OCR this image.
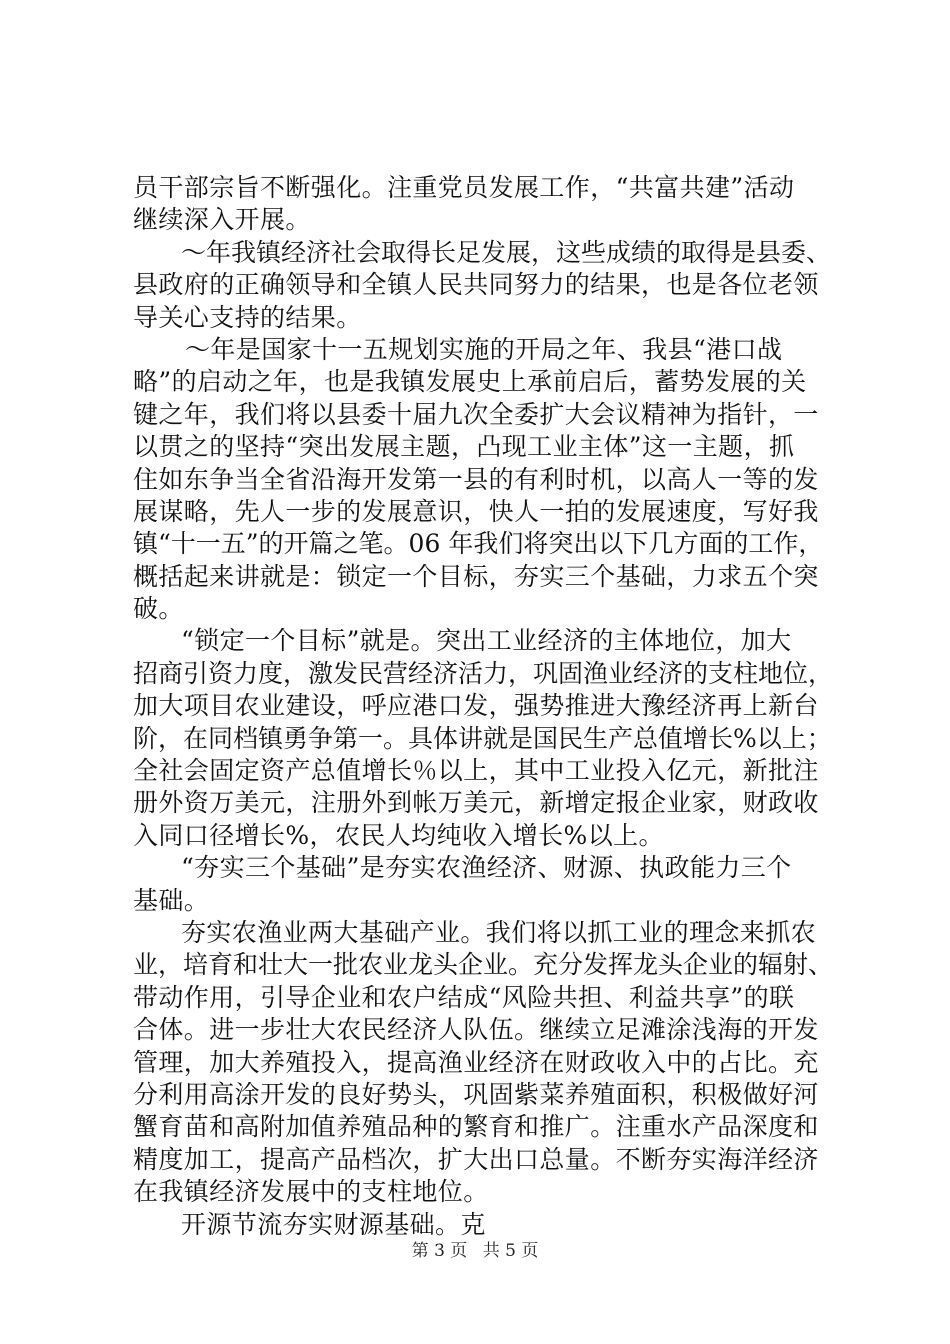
员干部宗旨不断强化。注重党员发展工作，“共富共建”活动
继续深入开展。
～年我镇经济社会取得长足发展，这些成绩的取得是县委、
县政府的正确领导和全镇人民共同努力的结果，也是各位老领
导关心支持的结果。
～年是国家十一五规划实施的开局之年、我县“港口战
略”的启动之年，也是我镇发展史上承前启后，蓄势发展的关
键之年，我们将以县委十届九次全委扩大会议精神为指针，一
以贯之的坚持“突出发展主题，凸现工业主体”这一主题，抓
住如东争当全省沿海开发第一县的有利时机，以高人一等的发
展谋略，先人一步的发展意识，快人一拍的发展速度，写好我
镇“十一五”的开篇之笔。06 年我们将突出以下几方面的工作，
概括起来讲就是：锁定一个目标，夯实三个基础，力求五个突
破。
“锁定一个目标”就是。突出工业经济的主体地位，加大
招商引资力度，激发民营经济活力，巩固渔业经济的支柱地位，
加大项目农业建设，呼应港口发，强势推进大豫经济再上新台
阶，在同档镇勇争第一。具体讲就是国民生产总值增长%以上；
全社会固定资产总值增长％以上，其中工业投入亿元，新批注
册外资万美元，注册外到帐万美元，新增定报企业家，财政收
入同口径增长%，农民人均纯收入增长%以上。
“夯实三个基础”是夯实农渔经济、财源、执政能力三个
基础。
夯实农渔业两大基础产业。我们将以抓工业的理念来抓农
业，培育和壮大一批农业龙头企业。充分发挥龙头企业的辐射、
带动作用，引导企业和农户结成“风险共担、利益共享”的联
合体。进一步壮大农民经济人队伍。继续立足滩涂浅海的开发
管理，加大养殖投入，提高渔业经济在财政收入中的占比。充
分利用高涂开发的良好势头，巩固紫菜养殖面积，积极做好河
蟹育苗和高附加值养殖品种的繁育和推广。注重水产品深度和
精度加工，提高产品档次，扩大出口总量。不断夯实海洋经济
在我镇经济发展中的支柱地位。
开源节流夯实财源基础。克
第 3 页 共 5 页
